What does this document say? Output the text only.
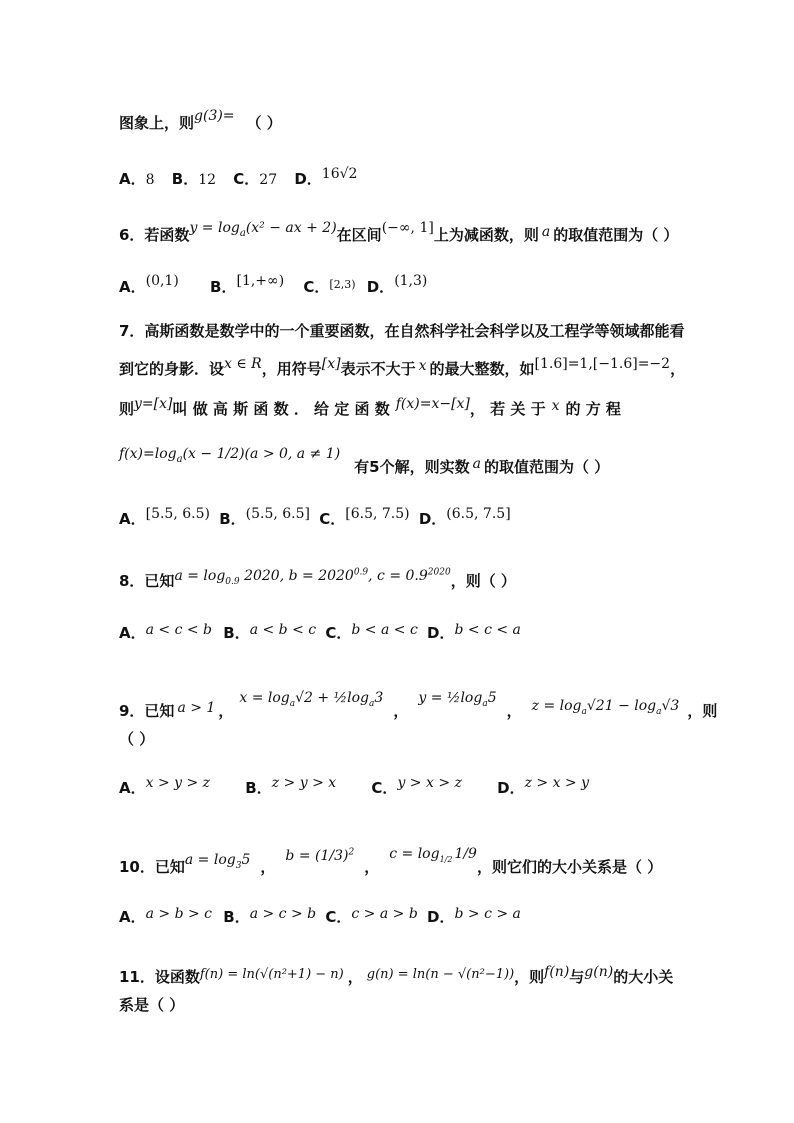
图象上，则g(3)= （ ）
A．8 B．12 C．27 D．16√2
6．若函数$y = \log_a(x^2$ − ax + 2)在区间(−∞, 1]上为减函数，则 a 的取值范围为（ ）
A．(0,1) B．[1,+∞) C．$^{[2,3)}$ D．(1,3)
7．高斯函数是数学中的一个重要函数，在自然科学社会科学以及工程学等领域都能看
到它的身影．设x ∈ R，用符号[x]表示不大于 x 的最大整数，如[1.6]=1,[−1.6]=−2，
则y=[x]叫 做 高 斯 函 数 ． 给 定 函 数 f(x)=x−[x]， 若 关 于 x 的 方 程
$f(x)=\log_a(x - 1/2)(a > 0$, a ≠ 1)有5个解，则实数 a 的取值范围为（ ）
A．[5.5, 6.5) B．(5.5, 6.5] C．[6.5, 7.5) D．(6.5, 7.5]
8．已知$a = \log_{0.9} 2020$, $b = 2020^{0.9}$, $c = 0.9^{2020}$，则（ ）
A．a < c < b B．a < b < c C．b < a < c D．b < c < a
9．已知 a > 1 ，$x = \log_a√2$ + $\frac{1}{2}\log_a3$，$y = \frac{1}{2}\log_a5$， $z = \log_a√21 - \log_a√3$ ，则
（ ）
A．x > y > z B．z > y > x C．y > x > z D．z > x > y
10．已知$a = \log_35$ ，$b = (1/3)^2$，$c = \log_{1/2} 1/9$，则它们的大小关系是（ ）
A．a > b > c B．a > c > b C．c > a > b D．b > c > a
11．设函数f(n) = ln(√(n²+1) − n) ， g(n) = ln(n − √(n²−1))，则f(n)与g(n)的大小关
系是（ ）
